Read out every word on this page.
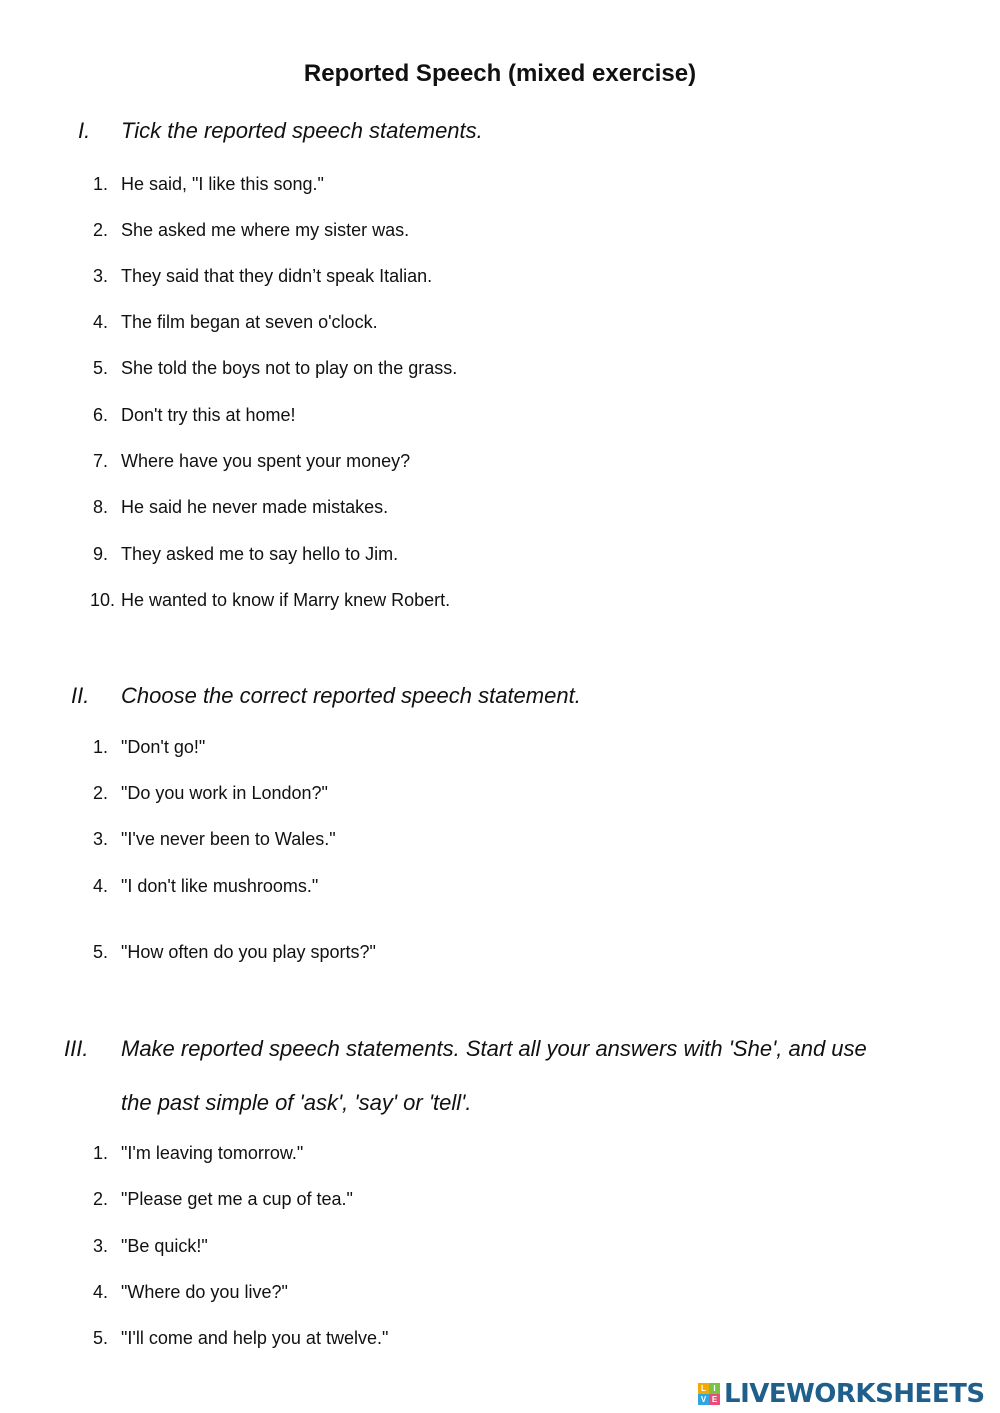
Reported Speech (mixed exercise)
I. Tick the reported speech statements.
1. He said, "I like this song."
2. She asked me where my sister was.
3. They said that they didn’t speak Italian.
4. The film began at seven o'clock.
5. She told the boys not to play on the grass.
6. Don't try this at home!
7. Where have you spent your money?
8. He said he never made mistakes.
9. They asked me to say hello to Jim.
10. He wanted to know if Marry knew Robert.
II. Choose the correct reported speech statement.
1. "Don't go!"
2. "Do you work in London?"
3. "I've never been to Wales."
4. "I don't like mushrooms."
5. "How often do you play sports?"
III. Make reported speech statements. Start all your answers with 'She', and use
the past simple of 'ask', 'say' or 'tell'.
1. "I'm leaving tomorrow."
2. "Please get me a cup of tea."
3. "Be quick!"
4. "Where do you live?"
5. "I'll come and help you at twelve."
L I
V E LIVEWORKSHEETS
